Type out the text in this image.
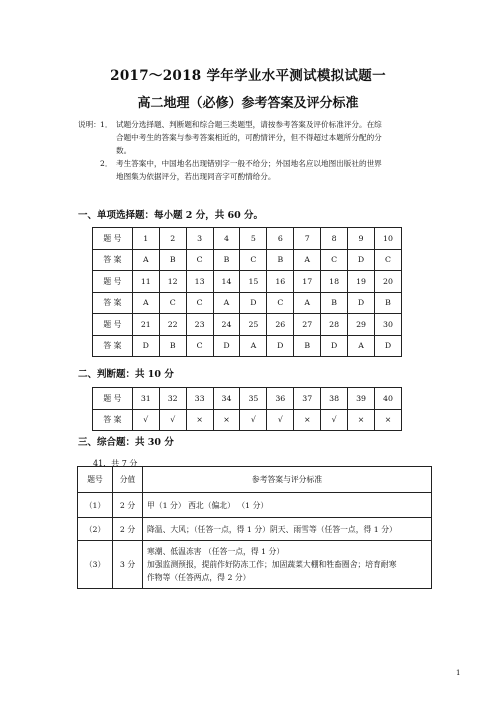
2017～2018 学年学业水平测试模拟试题一
高二地理（必修）参考答案及评分标准
说明： 1． 试题分选择题、判断题和综合题三类题型，请按参考答案及评价标准评分。在综
合题中考生的答案与参考答案相近的，可酌情评分，但不得超过本题所分配的分
数。
2． 考生答案中，中国地名出现错别字一般不给分；外国地名应以地图出版社的世界
地图集为依据评分，若出现同音字可酌情给分。
一、单项选择题：每小题 2 分，共 60 分。
题 号	1	2	3	4	5	6	7	8	9	10
答 案	A	B	C	B	C	B	A	C	D	C
题 号	11	12	13	14	15	16	17	18	19	20
答 案	A	C	C	A	D	C	A	B	D	B
题 号	21	22	23	24	25	26	27	28	29	30
答 案	D	B	C	D	A	D	B	D	A	D
二、判断题：共 10 分
题 号	31	32	33	34	35	36	37	38	39	40
答 案	√	√	×	×	√	√	×	√	×	×
三、综合题：共 30 分
41．共 7 分
题号	分值	参考答案与评分标准
（1）	2 分	甲（1 分） 西北（偏北） （1 分）

（2）	2 分	降温、大风；（任答一点，得 1 分）阴天、雨雪等（任答一点，得 1 分）

（3）	3 分	寒潮、低温冻害 （任答一点，得 1 分）
加强监测预报，提前作好防冻工作；加固蔬菜大棚和牲畜圈舍；培育耐寒
作物等（任答两点，得 2 分）
1
